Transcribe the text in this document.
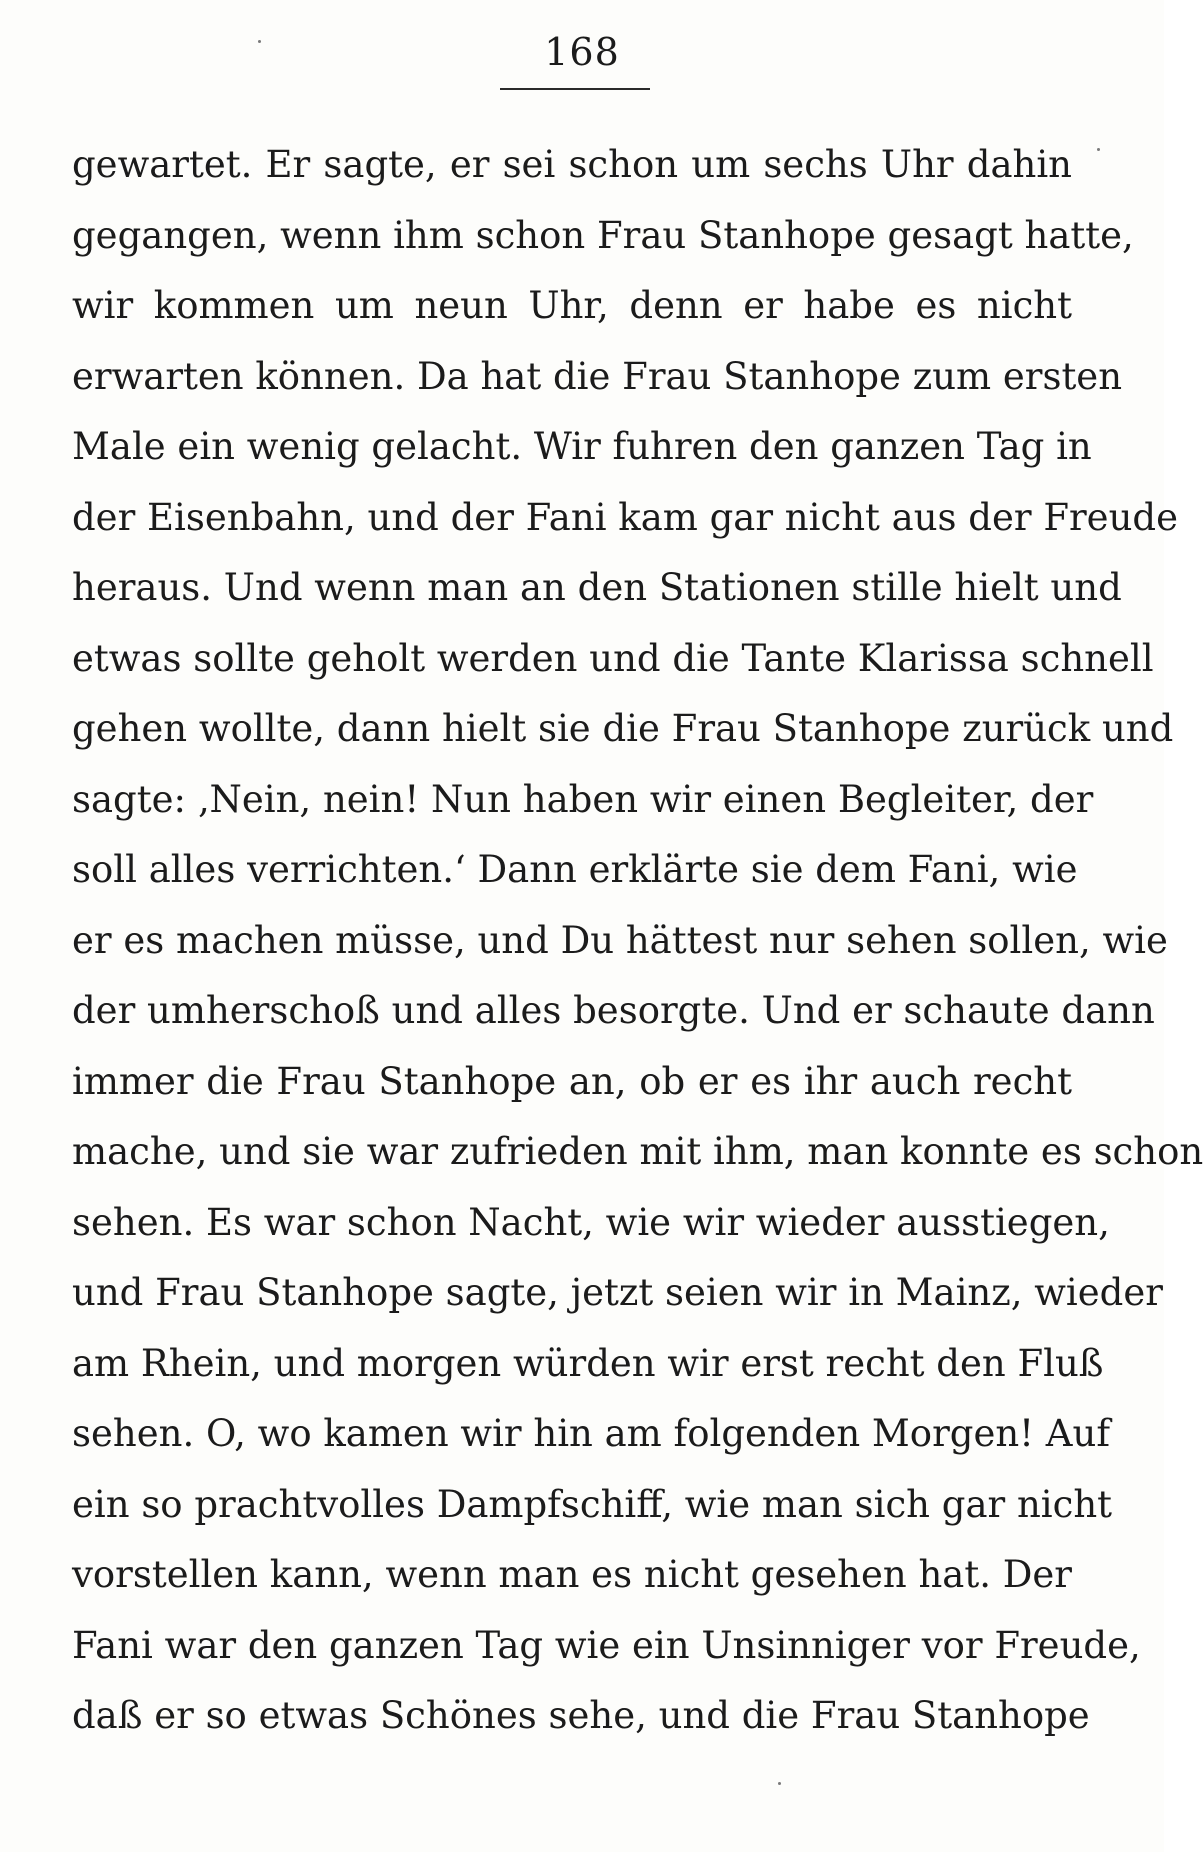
168
gewartet. Er sagte, er sei schon um sechs Uhr dahin
gegangen, wenn ihm schon Frau Stanhope gesagt hatte,
wir kommen um neun Uhr, denn er habe es nicht
erwarten können. Da hat die Frau Stanhope zum ersten
Male ein wenig gelacht. Wir fuhren den ganzen Tag in
der Eisenbahn, und der Fani kam gar nicht aus der Freude
heraus. Und wenn man an den Stationen stille hielt und
etwas sollte geholt werden und die Tante Klarissa schnell
gehen wollte, dann hielt sie die Frau Stanhope zurück und
sagte: ‚Nein, nein! Nun haben wir einen Begleiter, der
soll alles verrichten.‘ Dann erklärte sie dem Fani, wie
er es machen müsse, und Du hättest nur sehen sollen, wie
der umherschoß und alles besorgte. Und er schaute dann
immer die Frau Stanhope an, ob er es ihr auch recht
mache, und sie war zufrieden mit ihm, man konnte es schon
sehen. Es war schon Nacht, wie wir wieder ausstiegen,
und Frau Stanhope sagte, jetzt seien wir in Mainz, wieder
am Rhein, und morgen würden wir erst recht den Fluß
sehen. O, wo kamen wir hin am folgenden Morgen! Auf
ein so prachtvolles Dampfschiff, wie man sich gar nicht
vorstellen kann, wenn man es nicht gesehen hat. Der
Fani war den ganzen Tag wie ein Unsinniger vor Freude,
daß er so etwas Schönes sehe, und die Frau Stanhope
